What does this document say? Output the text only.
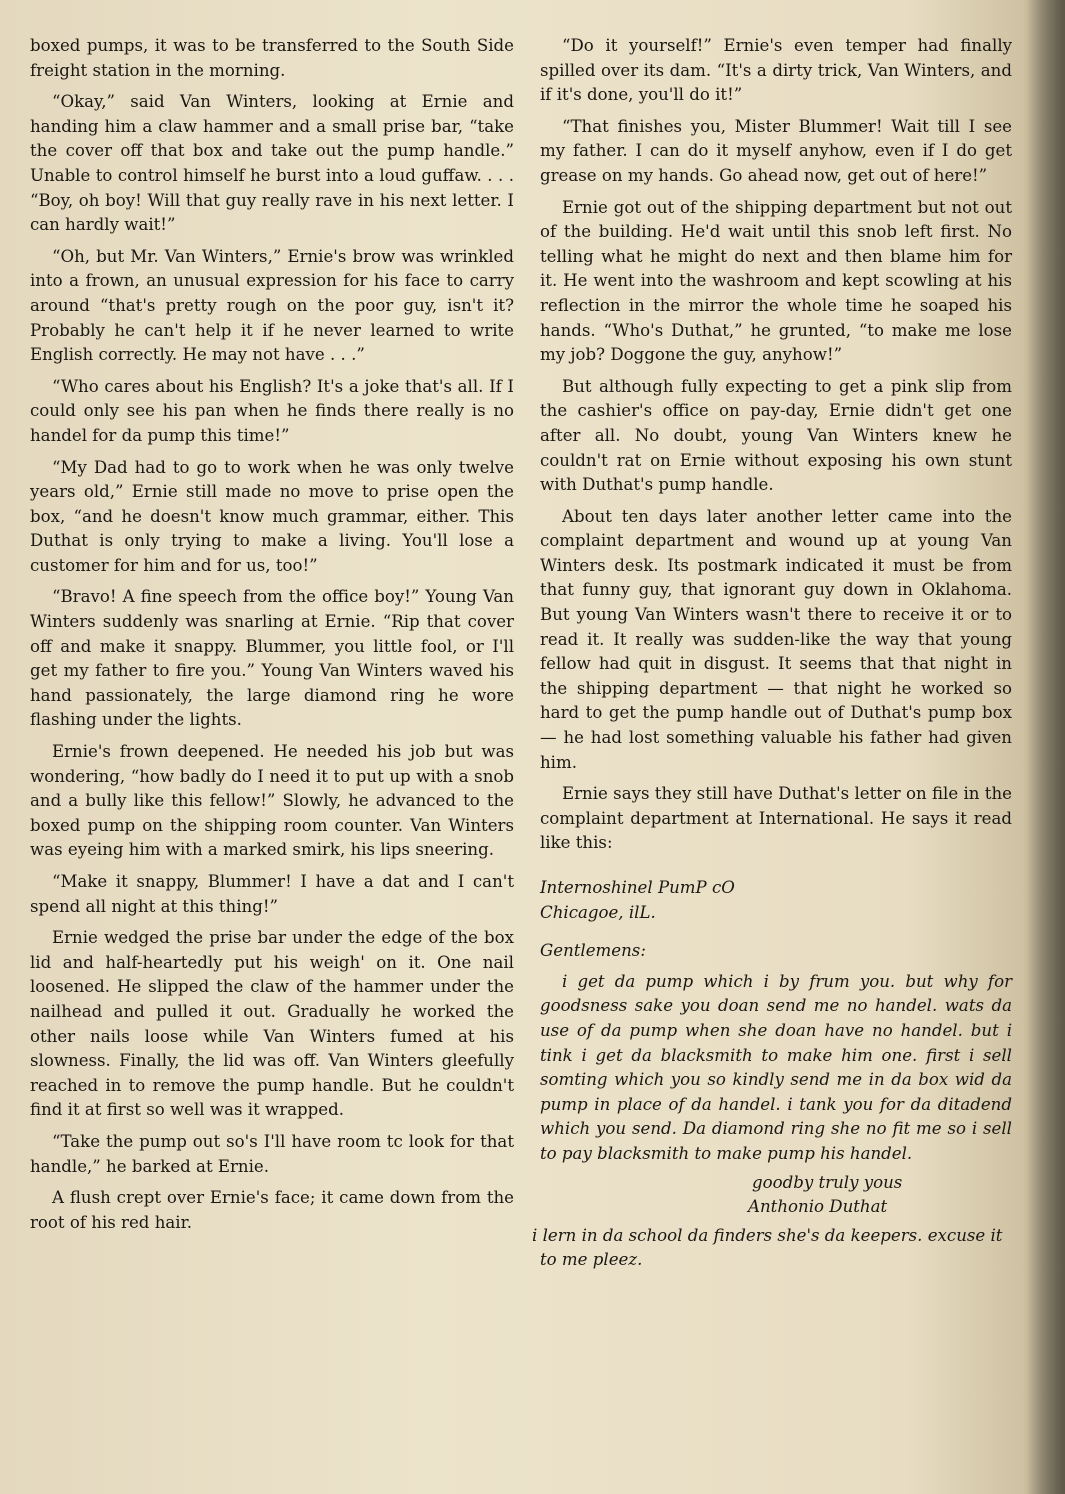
boxed pumps, it was to be transferred to the South Side freight station in the morning.

“Okay,” said Van Winters, looking at Ernie and handing him a claw hammer and a small prise bar, “take the cover off that box and take out the pump handle.” Unable to control himself he burst into a loud guffaw. . . . “Boy, oh boy! Will that guy really rave in his next letter. I can hardly wait!”

“Oh, but Mr. Van Winters,” Ernie's brow was wrinkled into a frown, an unusual expression for his face to carry around “that's pretty rough on the poor guy, isn't it? Probably he can't help it if he never learned to write English correctly. He may not have . . .”

“Who cares about his English? It's a joke that's all. If I could only see his pan when he finds there really is no handel for da pump this time!”

“My Dad had to go to work when he was only twelve years old,” Ernie still made no move to prise open the box, “and he doesn't know much grammar, either. This Duthat is only trying to make a living. You'll lose a customer for him and for us, too!”

“Bravo! A fine speech from the office boy!” Young Van Winters suddenly was snarling at Ernie. “Rip that cover off and make it snappy. Blummer, you little fool, or I'll get my father to fire you.” Young Van Winters waved his hand passionately, the large diamond ring he wore flashing under the lights.

Ernie's frown deepened. He needed his job but was wondering, “how badly do I need it to put up with a snob and a bully like this fellow!” Slowly, he advanced to the boxed pump on the shipping room counter. Van Winters was eyeing him with a marked smirk, his lips sneering.

“Make it snappy, Blummer! I have a dat and I can't spend all night at this thing!”

Ernie wedged the prise bar under the edge of the box lid and half-heartedly put his weigh' on it. One nail loosened. He slipped the claw of the hammer under the nailhead and pulled it out. Gradually he worked the other nails loose while Van Winters fumed at his slowness. Finally, the lid was off. Van Winters gleefully reached in to remove the pump handle. But he couldn't find it at first so well was it wrapped.

“Take the pump out so's I'll have room tc look for that handle,” he barked at Ernie.

A flush crept over Ernie's face; it came down from the root of his red hair.

“Do it yourself!” Ernie's even temper had finally spilled over its dam. “It's a dirty trick, Van Winters, and if it's done, you'll do it!”

“That finishes you, Mister Blummer! Wait till I see my father. I can do it myself anyhow, even if I do get grease on my hands. Go ahead now, get out of here!”

Ernie got out of the shipping department but not out of the building. He'd wait until this snob left first. No telling what he might do next and then blame him for it. He went into the washroom and kept scowling at his reflection in the mirror the whole time he soaped his hands. “Who's Duthat,” he grunted, “to make me lose my job? Doggone the guy, anyhow!”

But although fully expecting to get a pink slip from the cashier's office on pay-day, Ernie didn't get one after all. No doubt, young Van Winters knew he couldn't rat on Ernie without exposing his own stunt with Duthat's pump handle.

About ten days later another letter came into the complaint department and wound up at young Van Winters desk. Its postmark indicated it must be from that funny guy, that ignorant guy down in Oklahoma. But young Van Winters wasn't there to receive it or to read it. It really was sudden-like the way that young fellow had quit in disgust. It seems that that night in the shipping department — that night he worked so hard to get the pump handle out of Duthat's pump box — he had lost something valuable his father had given him.

Ernie says they still have Duthat's letter on file in the complaint department at International. He says it read like this:

Internoshinel PumP cO

Chicagoe, ilL.

Gentlemens:

i get da pump which i by frum you. but why for goodsness sake you doan send me no handel. wats da use of da pump when she doan have no handel. but i tink i get da blacksmith to make him one. first i sell somting which you so kindly send me in da box wid da pump in place of da handel. i tank you for da ditadend which you send. Da diamond ring she no fit me so i sell to pay blacksmith to make pump his handel.

goodby truly yous

Anthonio Duthat

i lern in da school da finders she's da keepers. excuse it to me pleez.
